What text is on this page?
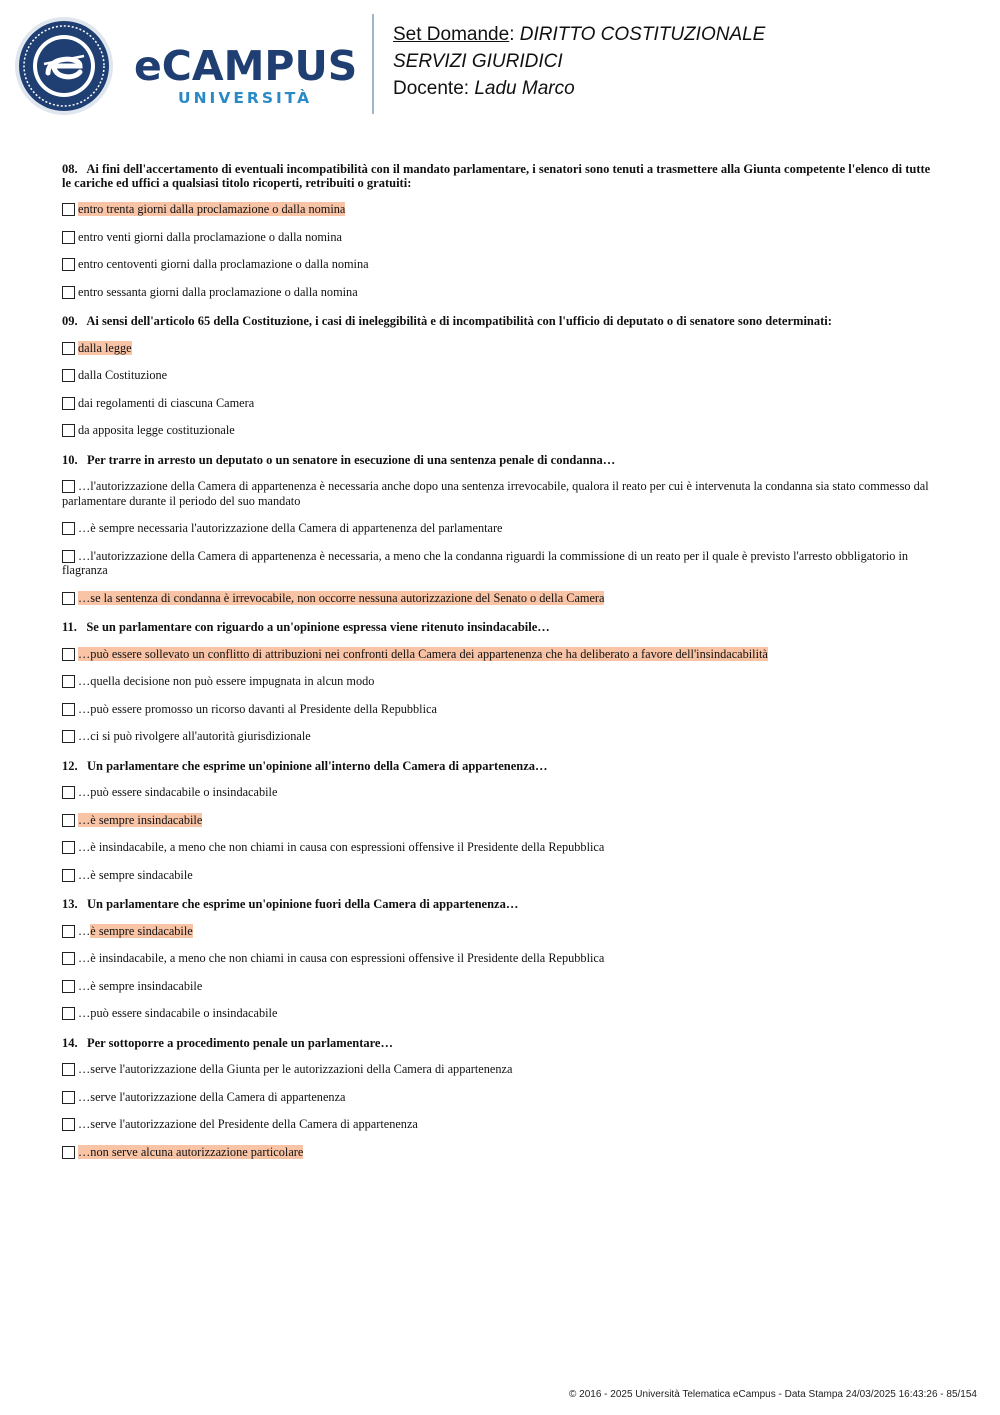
eCAMPUS
UNIVERSITÀ
Set Domande: DIRITTO COSTITUZIONALE
SERVIZI GIURIDICI
Docente: Ladu Marco
08. Ai fini dell'accertamento di eventuali incompatibilità con il mandato parlamentare, i senatori sono tenuti a trasmettere alla Giunta competente l'elenco di tutte le cariche ed uffici a qualsiasi titolo ricoperti, retribuiti o gratuiti:
entro trenta giorni dalla proclamazione o dalla nomina
entro venti giorni dalla proclamazione o dalla nomina
entro centoventi giorni dalla proclamazione o dalla nomina
entro sessanta giorni dalla proclamazione o dalla nomina
09. Ai sensi dell'articolo 65 della Costituzione, i casi di ineleggibilità e di incompatibilità con l'ufficio di deputato o di senatore sono determinati:
dalla legge
dalla Costituzione
dai regolamenti di ciascuna Camera
da apposita legge costituzionale
10. Per trarre in arresto un deputato o un senatore in esecuzione di una sentenza penale di condanna…
…l'autorizzazione della Camera di appartenenza è necessaria anche dopo una sentenza irrevocabile, qualora il reato per cui è intervenuta la condanna sia stato commesso dal parlamentare durante il periodo del suo mandato
…è sempre necessaria l'autorizzazione della Camera di appartenenza del parlamentare
…l'autorizzazione della Camera di appartenenza è necessaria, a meno che la condanna riguardi la commissione di un reato per il quale è previsto l'arresto obbligatorio in flagranza
…se la sentenza di condanna è irrevocabile, non occorre nessuna autorizzazione del Senato o della Camera
11. Se un parlamentare con riguardo a un'opinione espressa viene ritenuto insindacabile…
…può essere sollevato un conflitto di attribuzioni nei confronti della Camera dei appartenenza che ha deliberato a favore dell'insindacabilità
…quella decisione non può essere impugnata in alcun modo
…può essere promosso un ricorso davanti al Presidente della Repubblica
…ci si può rivolgere all'autorità giurisdizionale
12. Un parlamentare che esprime un'opinione all'interno della Camera di appartenenza…
…può essere sindacabile o insindacabile
…è sempre insindacabile
…è insindacabile, a meno che non chiami in causa con espressioni offensive il Presidente della Repubblica
…è sempre sindacabile
13. Un parlamentare che esprime un'opinione fuori della Camera di appartenenza…
…è sempre sindacabile
…è insindacabile, a meno che non chiami in causa con espressioni offensive il Presidente della Repubblica
…è sempre insindacabile
…può essere sindacabile o insindacabile
14. Per sottoporre a procedimento penale un parlamentare…
…serve l'autorizzazione della Giunta per le autorizzazioni della Camera di appartenenza
…serve l'autorizzazione della Camera di appartenenza
…serve l'autorizzazione del Presidente della Camera di appartenenza
…non serve alcuna autorizzazione particolare
© 2016 - 2025 Università Telematica eCampus - Data Stampa 24/03/2025 16:43:26 - 85/154
